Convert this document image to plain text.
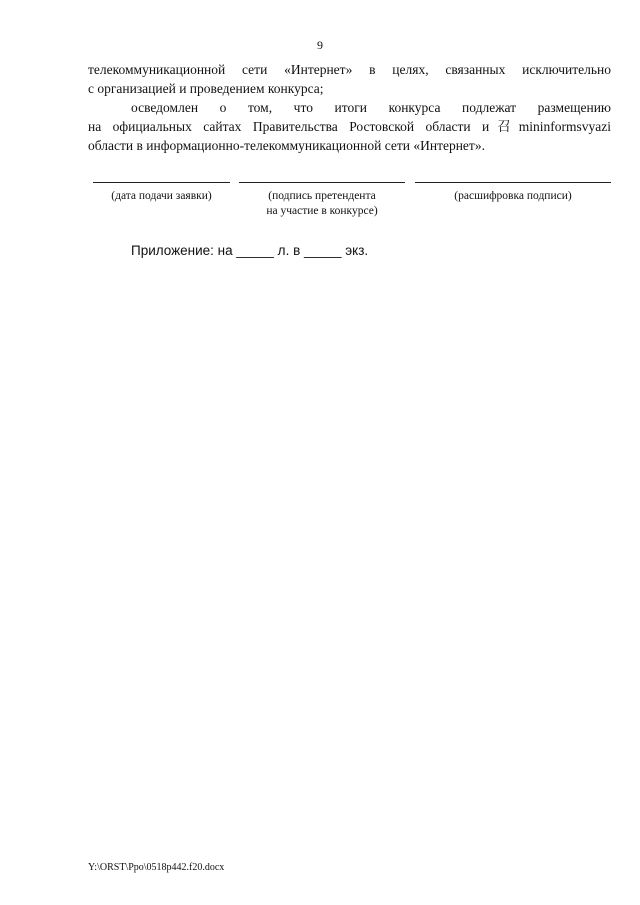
9

телекоммуникационной сети «Интернет» в целях, связанных исключительно
с организацией и проведением конкурса;

осведомлен о том, что итоги конкурса подлежат размещению
на официальных сайтах Правительства Ростовской области и召mininformsvyazi
области в информационно-телекоммуникационной сети «Интернет».

(дата подачи заявки)	(подпись претендента
на участие в конкурсе)
(расшифровка подписи)
Приложение: на _____ л. в _____ экз.
Y:\ORST\Ppo\0518p442.f20.docx
